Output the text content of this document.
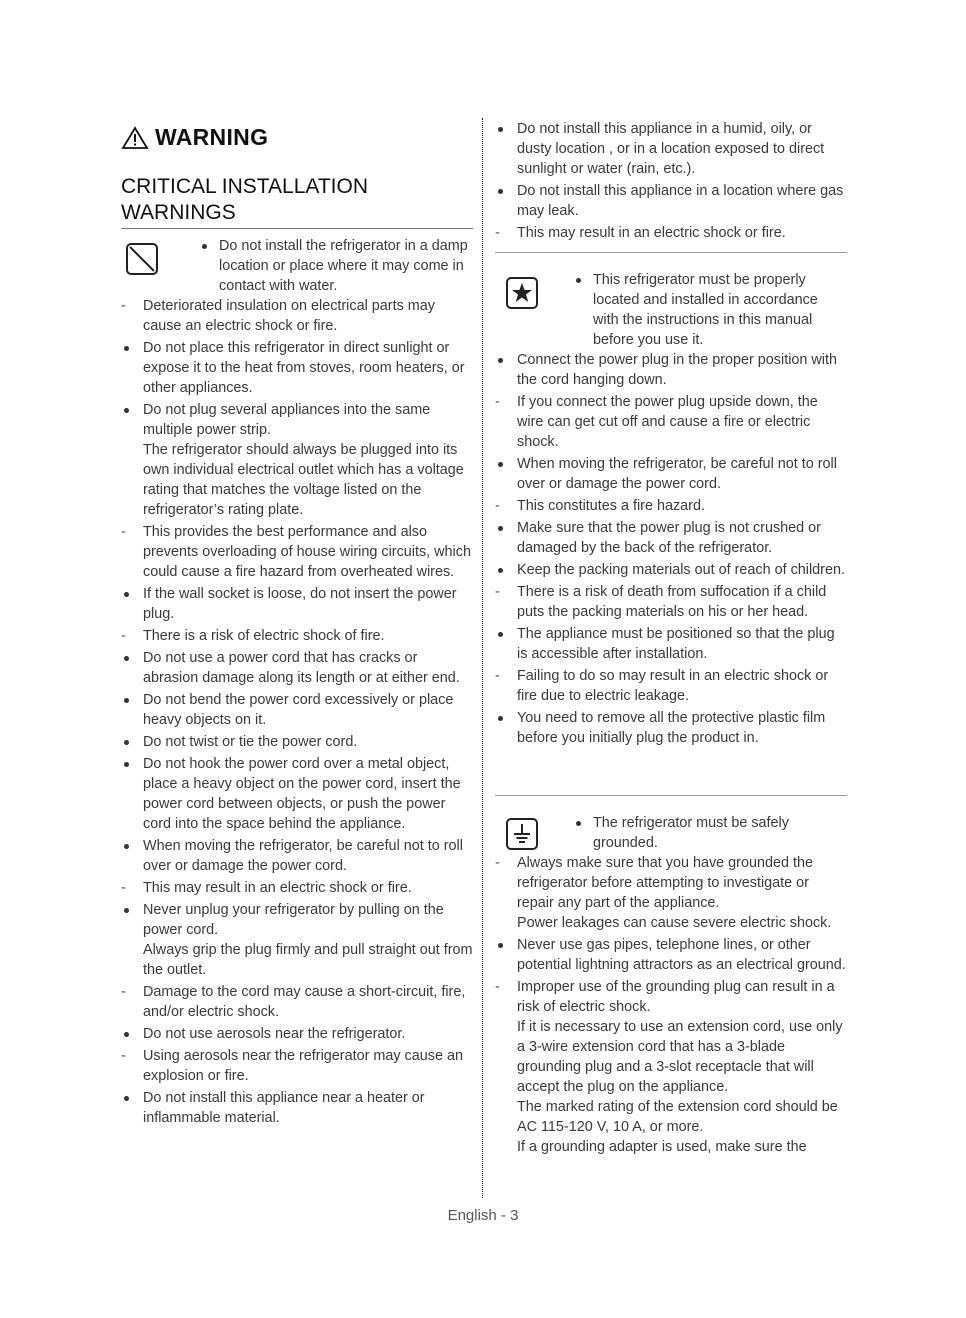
WARNING
CRITICAL INSTALLATION
WARNINGS
Do not install the refrigerator in a damp location or place where it may come in contact with water.
- Deteriorated insulation on electrical parts may cause an electric shock or fire.
Do not place this refrigerator in direct sunlight or expose it to the heat from stoves, room heaters, or other appliances.
Do not plug several appliances into the same multiple power strip.
The refrigerator should always be plugged into its own individual electrical outlet which has a voltage rating that matches the voltage listed on the refrigerator’s rating plate.
- This provides the best performance and also prevents overloading of house wiring circuits, which could cause a fire hazard from overheated wires.
If the wall socket is loose, do not insert the power plug.
- There is a risk of electric shock of fire.
Do not use a power cord that has cracks or abrasion damage along its length or at either end.
Do not bend the power cord excessively or place heavy objects on it.
Do not twist or tie the power cord.
Do not hook the power cord over a metal object, place a heavy object on the power cord, insert the power cord between objects, or push the power cord into the space behind the appliance.
When moving the refrigerator, be careful not to roll over or damage the power cord.
- This may result in an electric shock or fire.
Never unplug your refrigerator by pulling on the power cord.
Always grip the plug firmly and pull straight out from the outlet.
- Damage to the cord may cause a short-circuit, fire, and/or electric shock.
Do not use aerosols near the refrigerator.
- Using aerosols near the refrigerator may cause an explosion or fire.
Do not install this appliance near a heater or inflammable material.
Do not install this appliance in a humid, oily, or dusty location , or in a location exposed to direct sunlight or water (rain, etc.).
Do not install this appliance in a location where gas may leak.
- This may result in an electric shock or fire.
This refrigerator must be properly located and installed in accordance with the instructions in this manual before you use it.
Connect the power plug in the proper position with the cord hanging down.
- If you connect the power plug upside down, the wire can get cut off and cause a fire or electric shock.
When moving the refrigerator, be careful not to roll over or damage the power cord.
- This constitutes a fire hazard.
Make sure that the power plug is not crushed or damaged by the back of the refrigerator.
Keep the packing materials out of reach of children.
- There is a risk of death from suffocation if a child puts the packing materials on his or her head.
The appliance must be positioned so that the plug is accessible after installation.
- Failing to do so may result in an electric shock or fire due to electric leakage.
You need to remove all the protective plastic film before you initially plug the product in.
The refrigerator must be safely grounded.
- Always make sure that you have grounded the refrigerator before attempting to investigate or repair any part of the appliance.
Power leakages can cause severe electric shock.
Never use gas pipes, telephone lines, or other potential lightning attractors as an electrical ground.
- Improper use of the grounding plug can result in a risk of electric shock.
If it is necessary to use an extension cord, use only a 3-wire extension cord that has a 3-blade grounding plug and a 3-slot receptacle that will accept the plug on the appliance.
The marked rating of the extension cord should be AC 115-120 V, 10 A, or more.
If a grounding adapter is used, make sure the
English - 3
